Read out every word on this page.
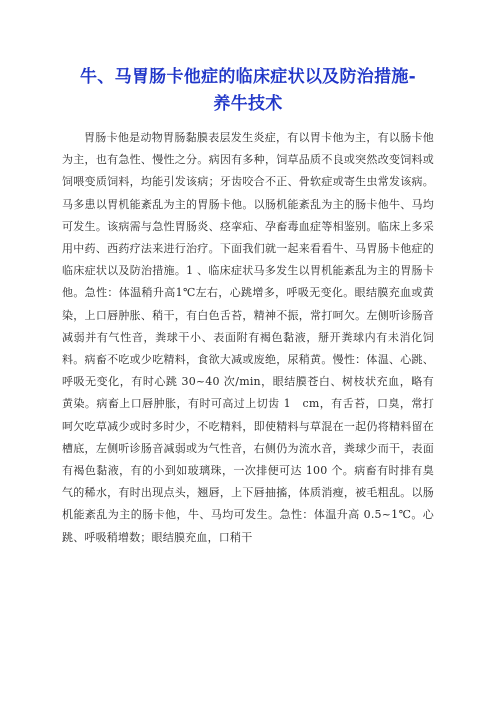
牛、马胃肠卡他症的临床症状以及防治措施-
养牛技术
胃肠卡他是动物胃肠黏膜表层发生炎症，有以胃卡他为主，有以肠卡他为主，也有急性、慢性之分。病因有多种，饲草品质不良或突然改变饲料或饲喂变质饲料，均能引发该病；牙齿咬合不正、骨软症或寄生虫常发该病。马多患以胃机能紊乱为主的胃肠卡他。以肠机能紊乱为主的肠卡他牛、马均可发生。该病需与急性胃肠炎、痉挛疝、孕畜毒血症等相鉴别。临床上多采用中药、西药疗法来进行治疗。下面我们就一起来看看牛、马胃肠卡他症的临床症状以及防治措施。1 、临床症状马多发生以胃机能紊乱为主的胃肠卡他。急性：体温稍升高1℃左右，心跳增多，呼吸无变化。眼结膜充血或黄染，上口唇肿胀、稍干，有白色舌苔，精神不振，常打呵欠。左侧听诊肠音减弱并有气性音，粪球干小、表面附有褐色黏液，掰开粪球内有未消化饲料。病畜不吃或少吃精料，食欲大减或废绝，尿稍黄。慢性：体温、心跳、呼吸无变化，有时心跳 30~40 次/min，眼结膜苍白、树枝状充血，略有黄染。病畜上口唇肿胀，有时可高过上切齿 1　cm，有舌苔，口臭，常打呵欠吃草减少或时多时少，不吃精料，即使精料与草混在一起仍将精料留在槽底，左侧听诊肠音减弱或为气性音，右侧仍为流水音，粪球少而干，表面有褐色黏液，有的小到如玻璃珠，一次排便可达 100 个。病畜有时排有臭气的稀水，有时出现点头，翘唇，上下唇抽搐，体质消瘦，被毛粗乱。以肠机能紊乱为主的肠卡他，牛、马均可发生。急性：体温升高 0.5~1℃。心跳、呼吸稍增数；眼结膜充血，口稍干
